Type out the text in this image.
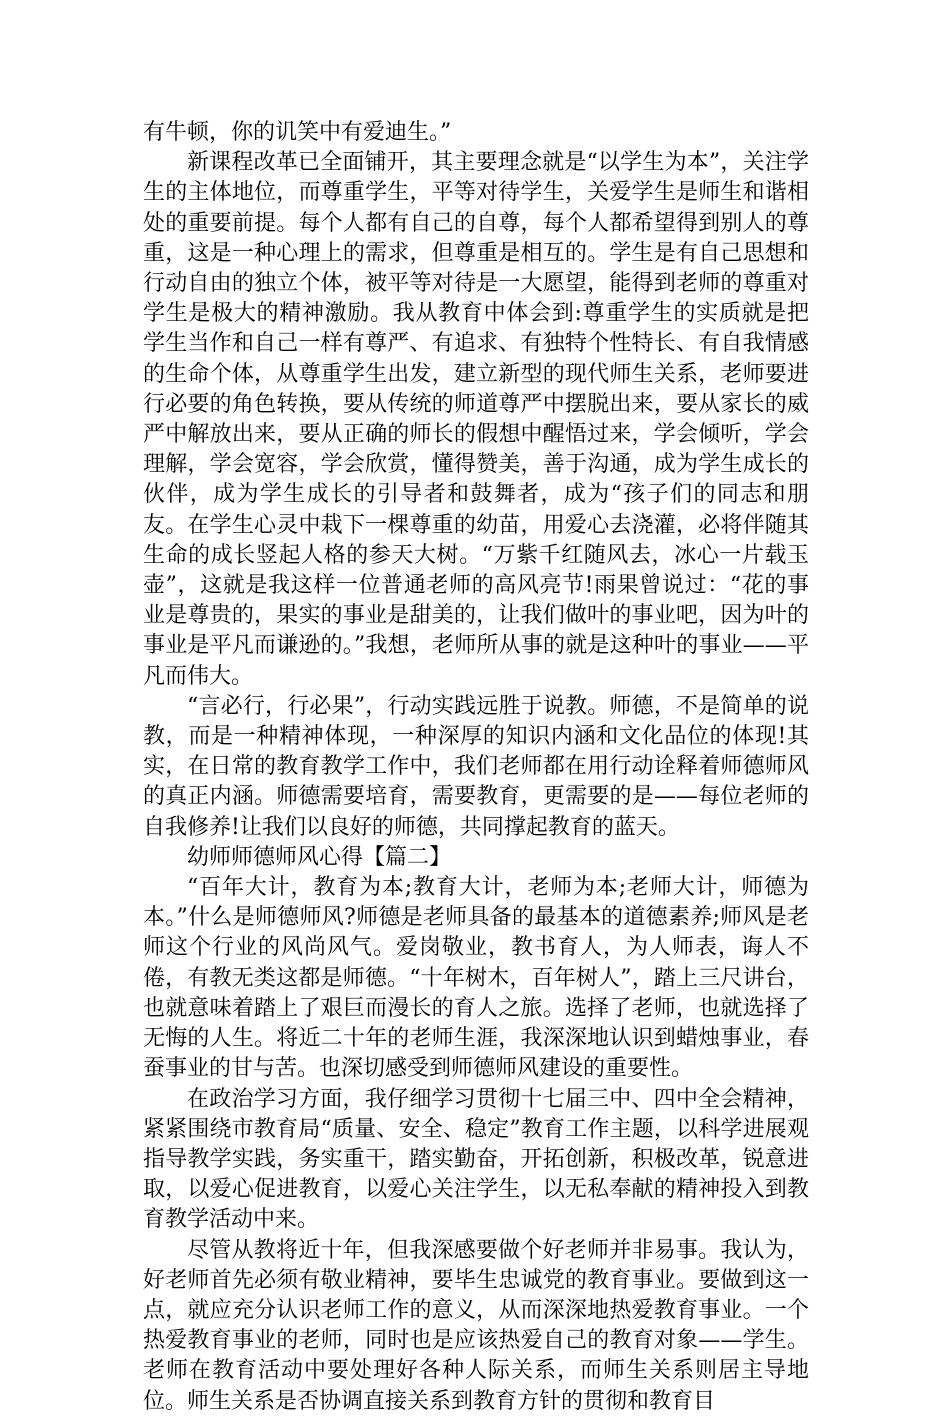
有牛顿，你的讥笑中有爱迪生。”

新课程改革已全面铺开，其主要理念就是“以学生为本”，关注学生的主体地位，而尊重学生，平等对待学生，关爱学生是师生和谐相处的重要前提。每个人都有自己的自尊，每个人都希望得到别人的尊重，这是一种心理上的需求，但尊重是相互的。学生是有自己思想和行动自由的独立个体，被平等对待是一大愿望，能得到老师的尊重对学生是极大的精神激励。我从教育中体会到:尊重学生的实质就是把学生当作和自己一样有尊严、有追求、有独特个性特长、有自我情感的生命个体，从尊重学生出发，建立新型的现代师生关系，老师要进行必要的角色转换，要从传统的师道尊严中摆脱出来，要从家长的威严中解放出来，要从正确的师长的假想中醒悟过来，学会倾听，学会理解，学会宽容，学会欣赏，懂得赞美，善于沟通，成为学生成长的伙伴，成为学生成长的引导者和鼓舞者，成为“孩子们的同志和朋友。在学生心灵中栽下一棵尊重的幼苗，用爱心去浇灌，必将伴随其生命的成长竖起人格的参天大树。“万紫千红随风去，冰心一片载玉壶”，这就是我这样一位普通老师的高风亮节!雨果曾说过：“花的事业是尊贵的，果实的事业是甜美的，让我们做叶的事业吧，因为叶的事业是平凡而谦逊的。”我想，老师所从事的就是这种叶的事业——平凡而伟大。

“言必行，行必果”，行动实践远胜于说教。师德，不是简单的说教，而是一种精神体现，一种深厚的知识内涵和文化品位的体现!其实，在日常的教育教学工作中，我们老师都在用行动诠释着师德师风的真正内涵。师德需要培育，需要教育，更需要的是——每位老师的自我修养!让我们以良好的师德，共同撑起教育的蓝天。

幼师师德师风心得【篇二】

“百年大计，教育为本;教育大计，老师为本;老师大计，师德为本。”什么是师德师风?师德是老师具备的最基本的道德素养;师风是老师这个行业的风尚风气。爱岗敬业，教书育人，为人师表，诲人不倦，有教无类这都是师德。“十年树木，百年树人”，踏上三尺讲台，也就意味着踏上了艰巨而漫长的育人之旅。选择了老师，也就选择了无悔的人生。将近二十年的老师生涯，我深深地认识到蜡烛事业，春蚕事业的甘与苦。也深切感受到师德师风建设的重要性。

在政治学习方面，我仔细学习贯彻十七届三中、四中全会精神，紧紧围绕市教育局“质量、安全、稳定”教育工作主题，以科学进展观指导教学实践，务实重干，踏实勤奋，开拓创新，积极改革，锐意进取，以爱心促进教育，以爱心关注学生，以无私奉献的精神投入到教育教学活动中来。

尽管从教将近十年，但我深感要做个好老师并非易事。我认为，好老师首先必须有敬业精神，要毕生忠诚党的教育事业。要做到这一点，就应充分认识老师工作的意义，从而深深地热爱教育事业。一个热爱教育事业的老师，同时也是应该热爱自己的教育对象——学生。老师在教育活动中要处理好各种人际关系，而师生关系则居主导地位。师生关系是否协调直接关系到教育方针的贯彻和教育目
